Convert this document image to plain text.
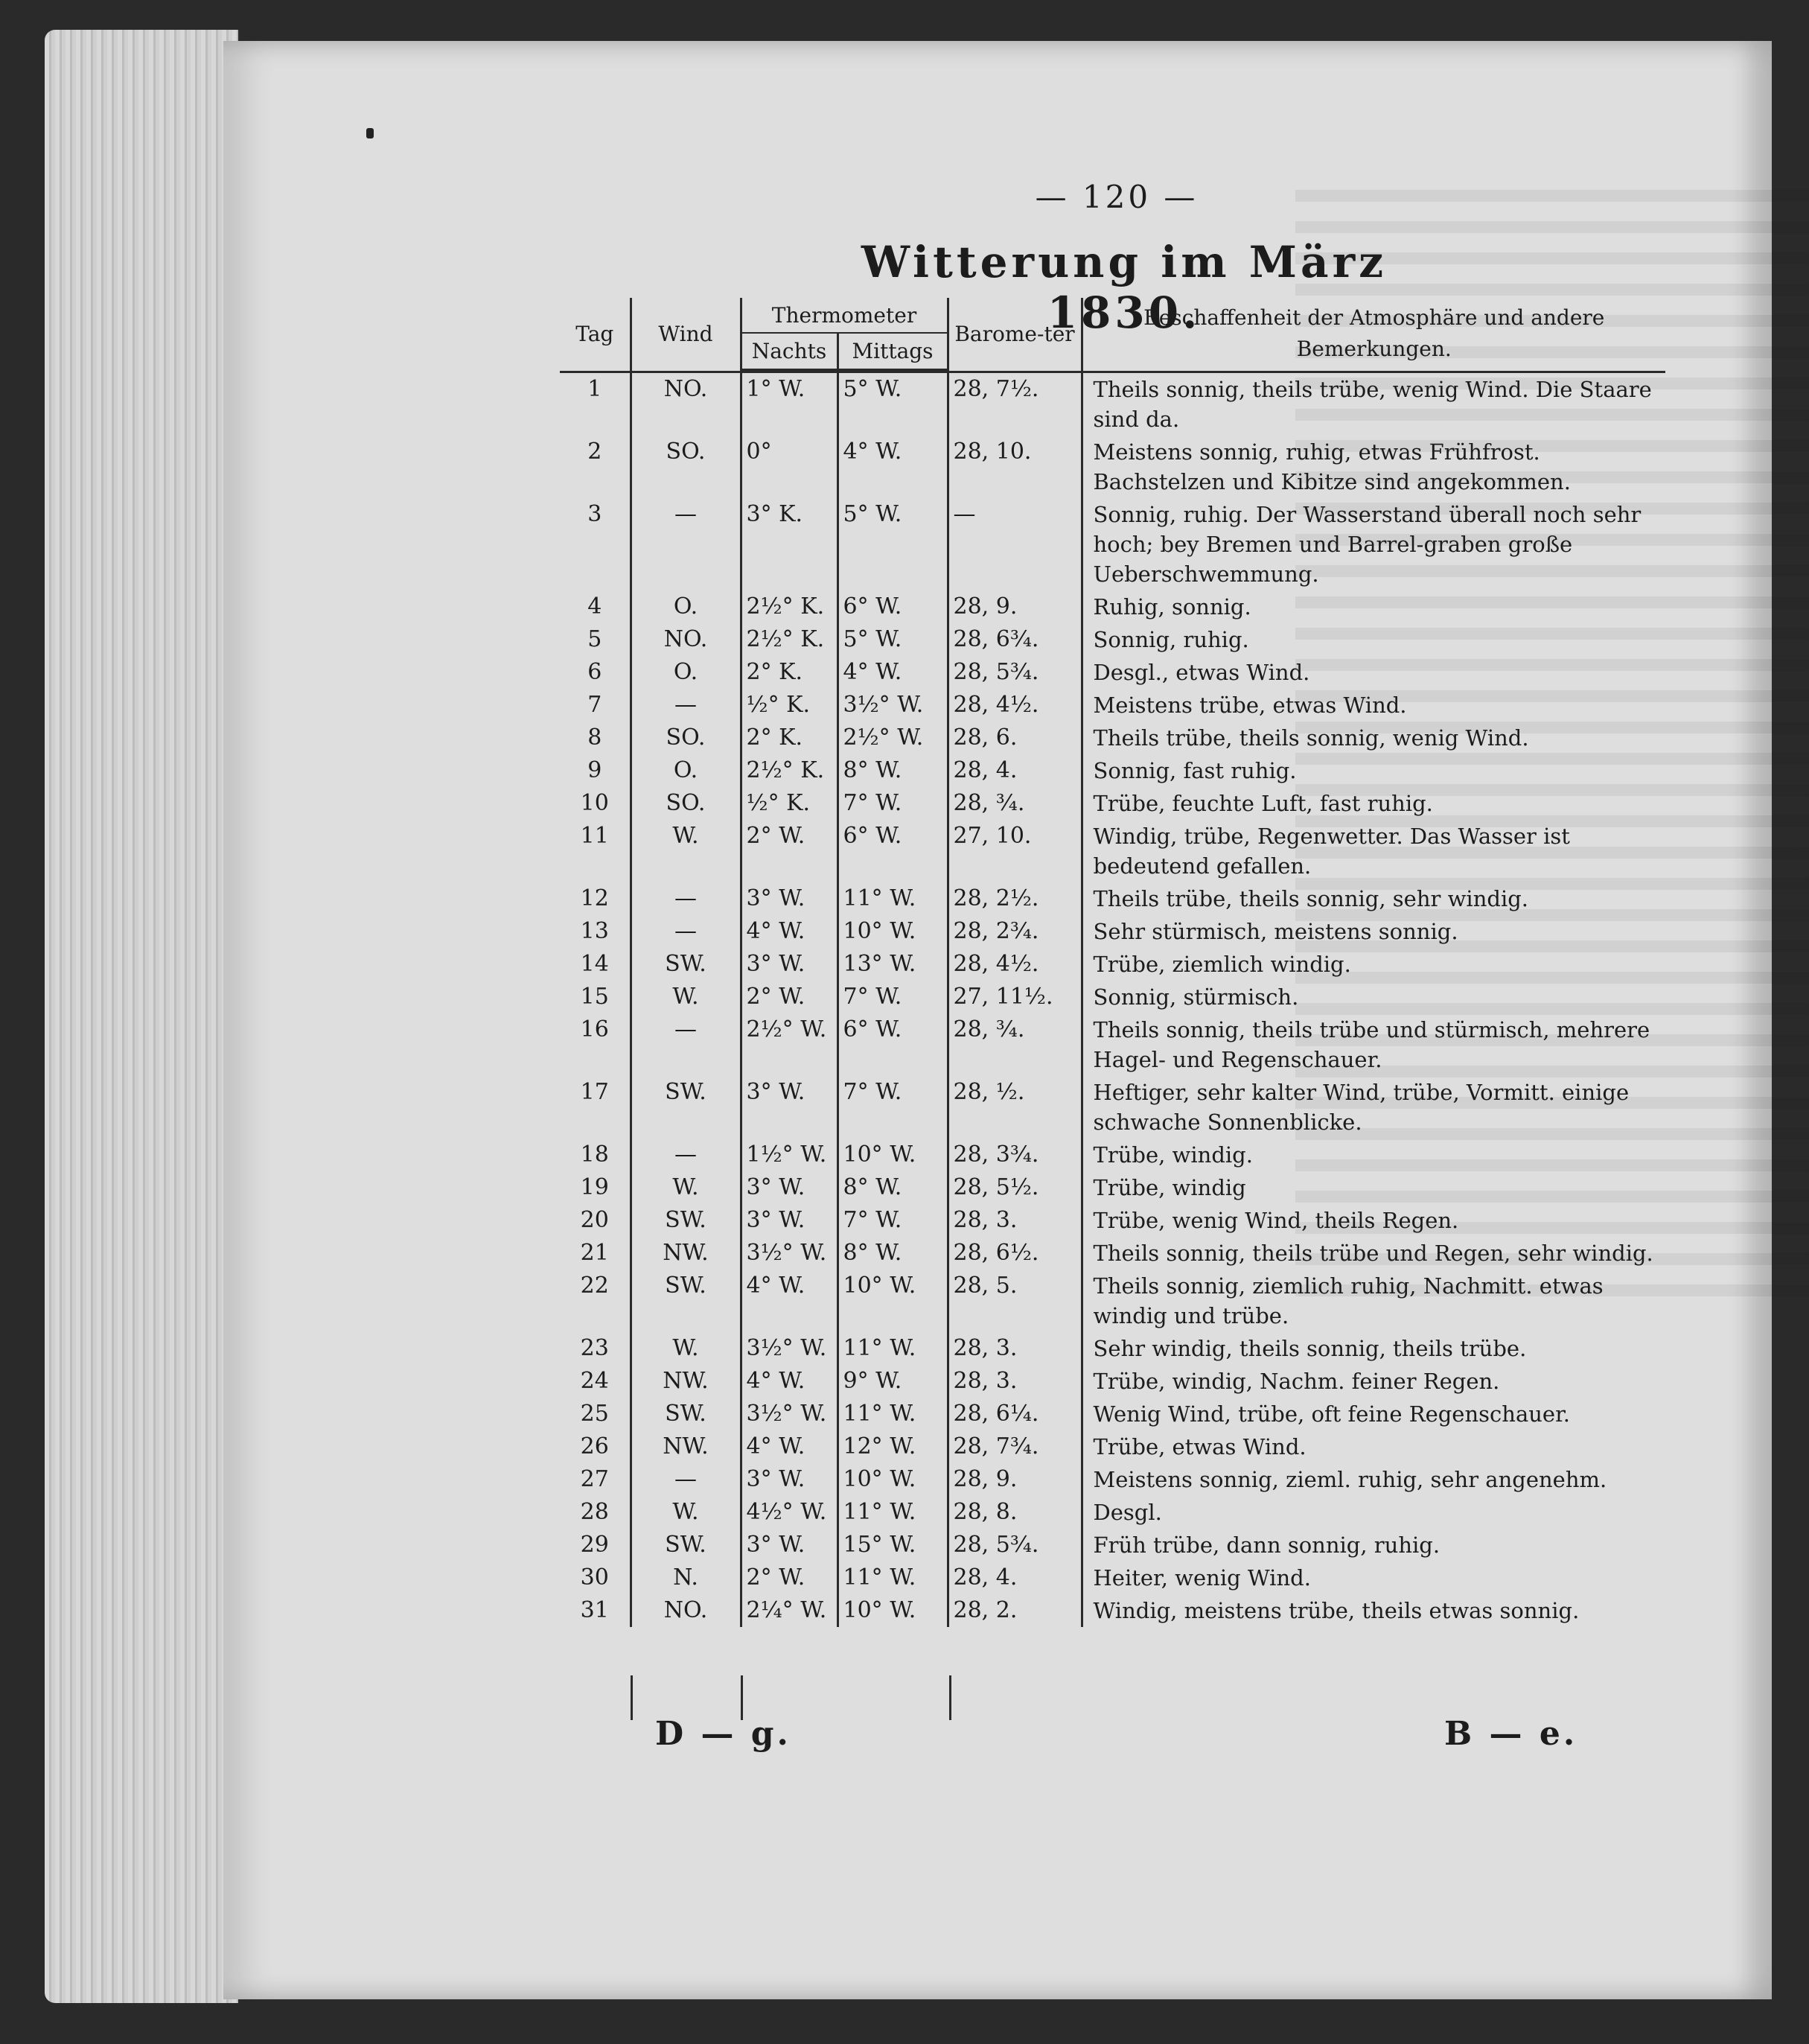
— 120 —
Witterung im März 1830.
Tag	Wind	Thermometer		Barome-ter	Beschaffenheit der Atmosphäre und andere Bemerkungen.
		Nachts	Mittags		

1	NO.	1° W.	5° W.	28, 7½.	Theils sonnig, theils trübe, wenig Wind. Die Staare sind da.
2	SO.	0°	4° W.	28, 10.	Meistens sonnig, ruhig, etwas Frühfrost. Bachstelzen und Kibitze sind angekommen.
3	—	3° K.	5° W.	—	Sonnig, ruhig. Der Wasserstand überall noch sehr hoch; bey Bremen und Barrel-graben große Ueberschwemmung.
4	O.	2½° K.	6° W.	28, 9.	Ruhig, sonnig.
5	NO.	2½° K.	5° W.	28, 6¾.	Sonnig, ruhig.
6	O.	2° K.	4° W.	28, 5¾.	Desgl., etwas Wind.
7	—	½° K.	3½° W.	28, 4½.	Meistens trübe, etwas Wind.
8	SO.	2° K.	2½° W.	28, 6.	Theils trübe, theils sonnig, wenig Wind.
9	O.	2½° K.	8° W.	28, 4.	Sonnig, fast ruhig.
10	SO.	½° K.	7° W.	28, ¾.	Trübe, feuchte Luft, fast ruhig.
11	W.	2° W.	6° W.	27, 10.	Windig, trübe, Regenwetter. Das Wasser ist bedeutend gefallen.
12	—	3° W.	11° W.	28, 2½.	Theils trübe, theils sonnig, sehr windig.
13	—	4° W.	10° W.	28, 2¾.	Sehr stürmisch, meistens sonnig.
14	SW.	3° W.	13° W.	28, 4½.	Trübe, ziemlich windig.
15	W.	2° W.	7° W.	27, 11½.	Sonnig, stürmisch.
16	—	2½° W.	6° W.	28, ¾.	Theils sonnig, theils trübe und stürmisch, mehrere Hagel- und Regenschauer.
17	SW.	3° W.	7° W.	28, ½.	Heftiger, sehr kalter Wind, trübe, Vormitt. einige schwache Sonnenblicke.
18	—	1½° W.	10° W.	28, 3¾.	Trübe, windig.
19	W.	3° W.	8° W.	28, 5½.	Trübe, windig
20	SW.	3° W.	7° W.	28, 3.	Trübe, wenig Wind, theils Regen.
21	NW.	3½° W.	8° W.	28, 6½.	Theils sonnig, theils trübe und Regen, sehr windig.
22	SW.	4° W.	10° W.	28, 5.	Theils sonnig, ziemlich ruhig, Nachmitt. etwas windig und trübe.
23	W.	3½° W.	11° W.	28, 3.	Sehr windig, theils sonnig, theils trübe.
24	NW.	4° W.	9° W.	28, 3.	Trübe, windig, Nachm. feiner Regen.
25	SW.	3½° W.	11° W.	28, 6¼.	Wenig Wind, trübe, oft feine Regenschauer.
26	NW.	4° W.	12° W.	28, 7¾.	Trübe, etwas Wind.
27	—	3° W.	10° W.	28, 9.	Meistens sonnig, zieml. ruhig, sehr angenehm.
28	W.	4½° W.	11° W.	28, 8.	Desgl.
29	SW.	3° W.	15° W.	28, 5¾.	Früh trübe, dann sonnig, ruhig.
30	N.	2° W.	11° W.	28, 4.	Heiter, wenig Wind.
31	NO.	2¼° W.	10° W.	28, 2.	Windig, meistens trübe, theils etwas sonnig.
D — g.	B — e.
